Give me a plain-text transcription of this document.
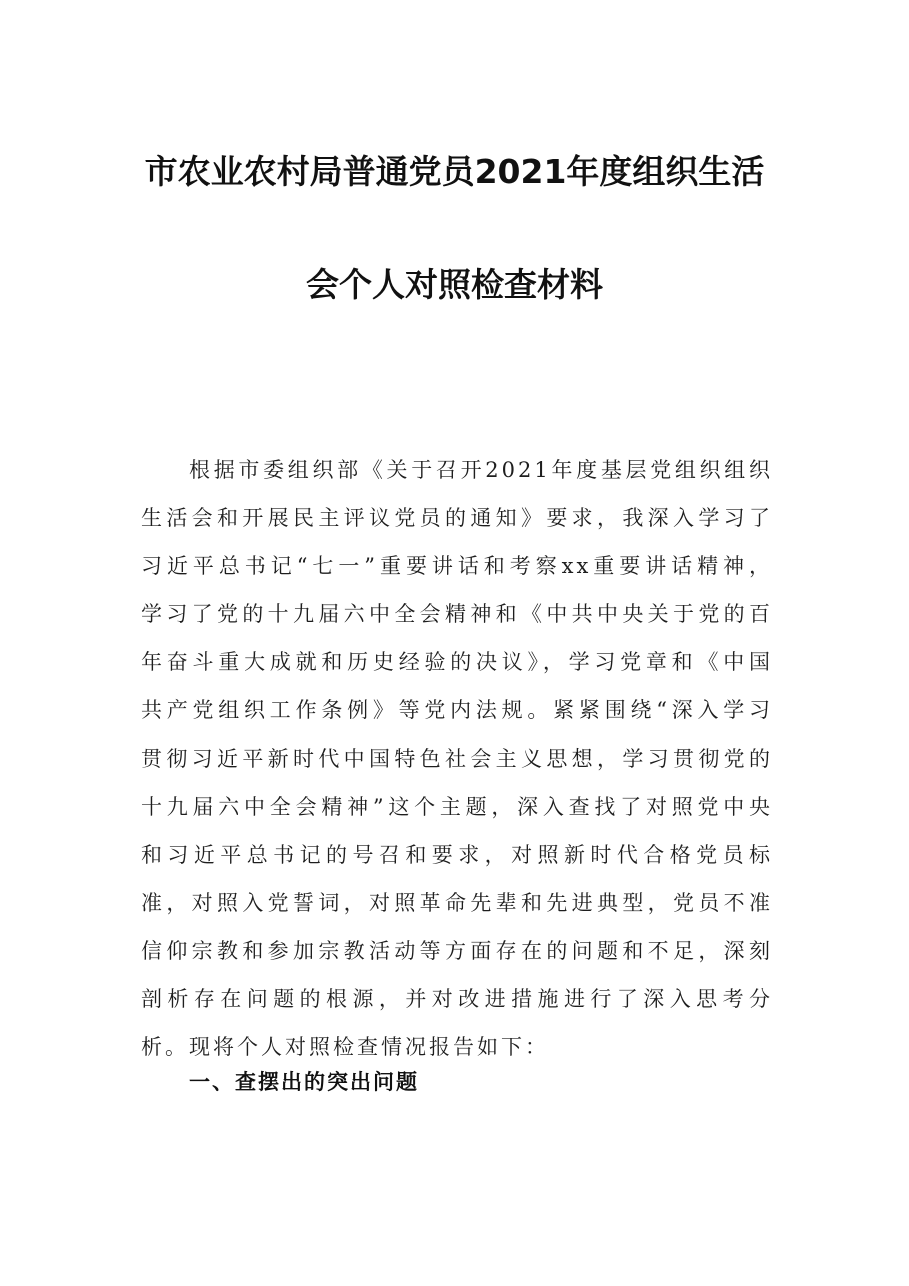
市农业农村局普通党员2021年度组织生活
会个人对照检查材料
根据市委组织部《关于召开2021年度基层党组织组织
生活会和开展民主评议党员的通知》要求，我深入学习了
习近平总书记“七一”重要讲话和考察xx重要讲话精神，
学习了党的十九届六中全会精神和《中共中央关于党的百
年奋斗重大成就和历史经验的决议》，学习党章和《中国
共产党组织工作条例》等党内法规。紧紧围绕“深入学习
贯彻习近平新时代中国特色社会主义思想，学习贯彻党的
十九届六中全会精神”这个主题，深入查找了对照党中央
和习近平总书记的号召和要求，对照新时代合格党员标
准，对照入党誓词，对照革命先辈和先进典型，党员不准
信仰宗教和参加宗教活动等方面存在的问题和不足，深刻
剖析存在问题的根源，并对改进措施进行了深入思考分
析。现将个人对照检查情况报告如下：
一、查摆出的突出问题
